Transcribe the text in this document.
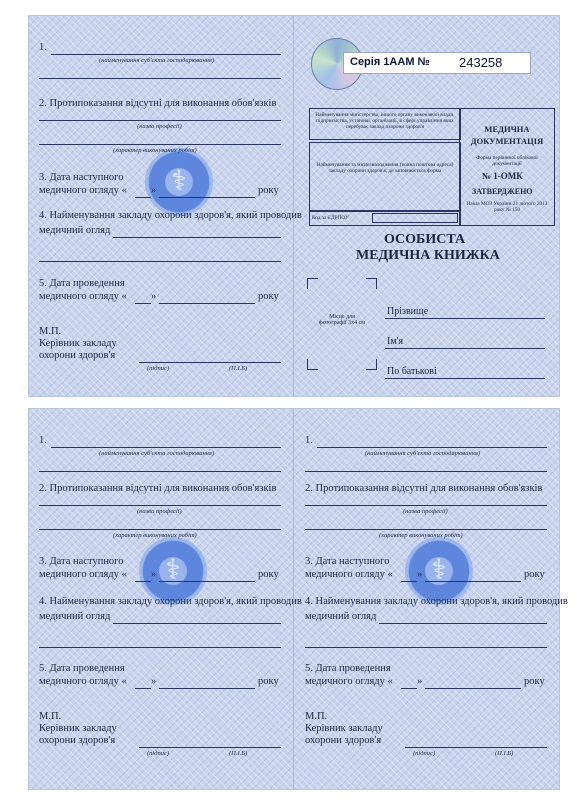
⚕
1.
(найменування суб'єкта господарювання)
2. Протипоказання відсутні для виконання обов'язків
(назва професії)
(характер виконуваних робіт)
3. Дата наступного
медичного огляду « »	року
4. Найменування закладу охорони здоров'я, який проводив
медичний огляд
5. Дата проведення
медичного огляду « »	року
М.П.
Керівник закладу
охорони здоров'я
(підпис)	(П.І.Б)
Найменування міністерства, іншого органу виконавчої влади, підприємства, установи, організації, в сфері управління яких перебуває заклад охорони здоров'я
Найменування та місцезнаходження (повна поштова адреса) закладу охорони здоров'я, де заповнюється форма
Код за ЄДРПОУ
МЕДИЧНА ДОКУМЕНТАЦІЯ
Форма первинної облікової документації
№ 1-ОМК
ЗАТВЕРДЖЕНО
Наказ МОЗ України 21 лютого 2013 року № 150
ОСОБИСТА
МЕДИЧНА КНИЖКА
Місце для фотографії 3х4 см
Прізвище
Ім'я
По батькові
Серія 1ААМ № 243258
⚕
1.
(найменування суб'єкта господарювання)
2. Протипоказання відсутні для виконання обов'язків
(назва професії)
(характер виконуваних робіт)
3. Дата наступного
медичного огляду « »	року
4. Найменування закладу охорони здоров'я, який проводив
медичний огляд
5. Дата проведення
медичного огляду « »	року
М.П.
Керівник закладу
охорони здоров'я
(підпис)	(П.І.Б)
⚕
1.
(найменування суб'єкта господарювання)
2. Протипоказання відсутні для виконання обов'язків
(назва професії)
(характер виконуваних робіт)
3. Дата наступного
медичного огляду « »	року
4. Найменування закладу охорони здоров'я, який проводив
медичний огляд
5. Дата проведення
медичного огляду « »	року
М.П.
Керівник закладу
охорони здоров'я
(підпис)	(П.І.Б)
